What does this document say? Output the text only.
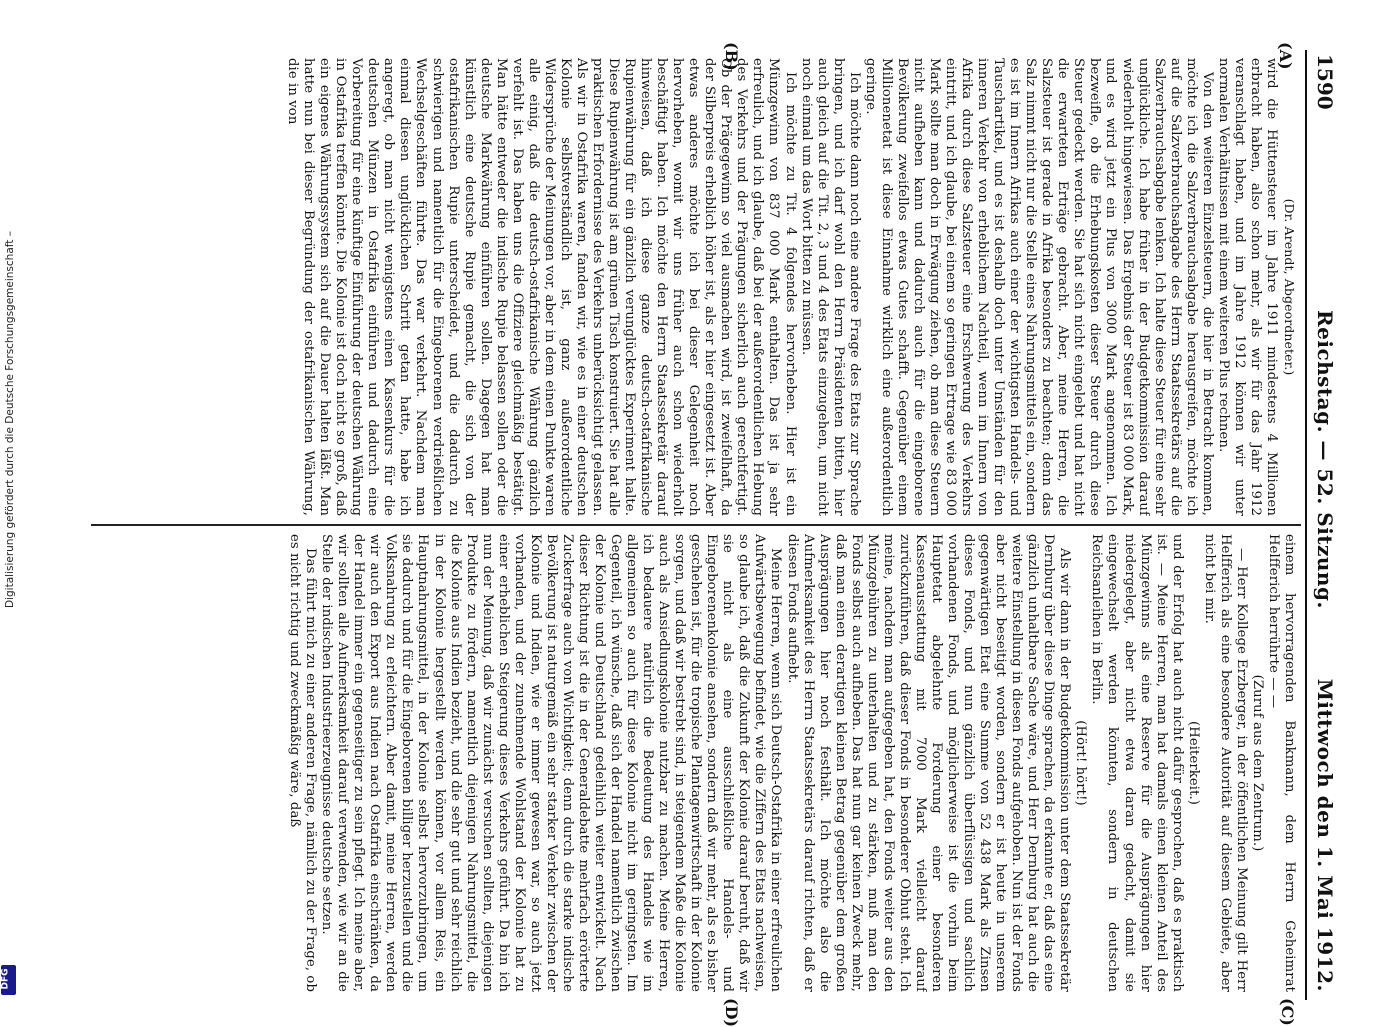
1590
Reichstag. — 52. Sitzung.
Mittwoch den 1. Mai 1912.
(A)
(B)
(C)
(D)
(Dr. Arendt, Abgeordneter.)

wird die Hüttensteuer im Jahre 1911 mindestens 4 Millionen erbracht haben, also schon mehr, als wir für das Jahr 1912 veranschlagt haben, und im Jahre 1912 können wir unter normalen Verhältnissen mit einem weiteren Plus rechnen.

Von den weiteren Einzelsteuern, die hier in Betracht kommen, möchte ich die Salzverbrauchsabgabe herausgreifen, möchte ich auf die Salzverbrauchsabgabe des Herrn Staatssekretärs auf die Salzverbrauchsabgabe lenken. Ich halte diese Steuer für eine sehr unglückliche. Ich habe früher in der Budgetkommission darauf wiederholt hingewiesen. Das Ergebnis der Steuer ist 83 000 Mark, und es wird jetzt ein Plus von 3000 Mark angenommen. Ich bezweifle, ob die Erhebungskosten dieser Steuer durch diese Steuer gedeckt werden. Sie hat sich nicht eingelebt und hat nicht die erwarteten Erträge gebracht. Aber, meine Herren, die Salzsteuer ist gerade in Afrika besonders zu beachten; denn das Salz nimmt nicht nur die Stelle eines Nahrungsmittels ein, sondern es ist im Innern Afrikas auch einer der wichtigsten Handels- und Tauschartikel, und es ist deshalb doch unter Umständen für den inneren Verkehr von erheblichem Nachteil, wenn im Innern von Afrika durch diese Salzsteuer eine Erschwerung des Verkehrs eintritt, und ich glaube, bei einem so geringen Ertrage wie 83 000 Mark sollte man doch in Erwägung ziehen, ob man diese Steuern nicht aufheben kann und dadurch auch für die eingeborene Bevölkerung zweifellos etwas Gutes schafft. Gegenüber einem Millionenetat ist diese Einnahme wirklich eine außerordentlich geringe.

Ich möchte dann noch eine andere Frage des Etats zur Sprache bringen, und ich darf wohl den Herrn Präsidenten bitten, hier auch gleich auf die Tit. 2, 3 und 4 des Etats einzugehen, um nicht noch einmal um das Wort bitten zu müssen.

Ich möchte zu Tit. 4 folgendes hervorheben. Hier ist ein Münzgewinn von 837 000 Mark enthalten. Das ist ja sehr erfreulich, und ich glaube, daß bei der außerordentlichen Hebung des Verkehrs und der Prägungen sicherlich auch gerechtfertigt. Ob der Prägegewinn so viel ausmachen wird, ist zweifelhaft, da der Silberpreis erheblich höher ist, als er hier eingesetzt ist. Aber etwas anderes möchte ich bei dieser Gelegenheit noch hervorheben, womit wir uns früher auch schon wiederholt beschäftigt haben. Ich möchte den Herrn Staatssekretär darauf hinweisen, daß ich diese ganze deutsch-ostafrikanische Rupienwährung für ein gänzlich verunglücktes Experiment halte. Diese Rupienwährung ist am grünen Tisch konstruiert. Sie hat alle praktischen Erfordernisse des Verkehrs unberücksichtigt gelassen. Als wir in Ostafrika waren, fanden wir, wie es in einer deutschen Kolonie selbstverständlich ist, ganz außerordentliche Widersprüche der Meinungen vor, aber in dem einen Punkte waren alle einig, daß die deutsch-ostafrikanische Währung gänzlich verfehlt ist. Das haben uns die Offiziere gleichmäßig bestätigt. Man hätte entweder die indische Rupie belassen sollen oder die deutsche Markwährung einführen sollen. Dagegen hat man künstlich eine deutsche Rupie gemacht, die sich von der ostafrikanischen Rupie unterscheidet, und die dadurch zu schwierigen und namentlich für die Eingeborenen verdrießlichen Wechselgeschäften führte. Das war verkehrt. Nachdem man einmal diesen unglücklichen Schritt getan hatte, habe ich angeregt, ob man nicht wenigstens einen Kassenkurs für die deutschen Münzen in Ostafrika einführen und dadurch eine Vorbereitung für eine künftige Einführung der deutschen Währung in Ostafrika treffen könnte. Die Kolonie ist doch nicht so groß, daß ein eigenes Währungssystem sich auf die Dauer halten läßt. Man hatte nun bei dieser Begründung der ostafrikanischen Währung, die in von

einem hervorragenden Bankmann, dem Herrn Geheimrat Helfferich herrührte — —

(Zuruf aus dem Zentrum.)

— Herr Kollege Erzberger, in der öffentlichen Meinung gilt Herr Helfferich als eine besondere Autorität auf diesem Gebiete, aber nicht bei mir.

(Heiterkeit.)

und der Erfolg hat auch nicht dafür gesprochen, daß es praktisch ist. — Meine Herren, man hat damals einen kleinen Anteil des Münzgewinns als eine Reserve für die Ausprägungen hier niedergelegt, aber nicht etwa daran gedacht, damit sie eingewechselt werden könnten, sondern in deutschen Reichsanleihen in Berlin.

(Hört! hört!)

Als wir dann in der Budgetkommission unter dem Staatssekretär Dernburg über diese Dinge sprachen, da erkannte er, daß das eine gänzlich unhaltbare Sache wäre, und Herr Dernburg hat auch die weitere Einstellung in diesen Fonds aufgehoben. Nun ist der Fonds aber nicht beseitigt worden, sondern er ist heute in unserem gegenwärtigen Etat eine Summe von 52 438 Mark als Zinsen dieses Fonds, und nun gänzlich überflüssigen und sachlich vorhandenen Fonds, und möglicherweise ist die vorhin beim Hauptetat abgelehnte Forderung einer besonderen Kassenausstattung mit 7000 Mark vielleicht darauf zurückzuführen, daß dieser Fonds in besonderer Obhut steht. Ich meine, nachdem man aufgegeben hat, den Fonds weiter aus den Münzgebühren zu unterhalten und zu stärken, muß man den Fonds selbst auch aufheben. Das hat nun gar keinen Zweck mehr, daß man einen derartigen kleinen Betrag gegenüber dem großen Ausprägungen hier noch festhält. Ich möchte also die Aufmerksamkeit des Herrn Staatssekretärs darauf richten, daß er diesen Fonds aufhebt.

Meine Herren, wenn sich Deutsch-Ostafrika in einer erfreulichen Aufwärtsbewegung befindet, wie die Ziffern des Etats nachweisen, so glaube ich, daß die Zukunft der Kolonie darauf beruht, daß wir sie nicht als eine ausschließliche Handels- und Eingeborenenkolonie ansehen, sondern daß wir mehr, als es bisher geschehen ist, für die tropische Plantagenwirtschaft in der Kolonie sorgen, und daß wir bestrebt sind, in steigendem Maße die Kolonie auch als Ansiedlungskolonie nutzbar zu machen. Meine Herren, ich bedauere natürlich die Bedeutung des Handels wie im allgemeinen so auch für diese Kolonie nicht im geringsten. Im Gegenteil, ich wünsche, daß sich der Handel namentlich zwischen der Kolonie und Deutschland gedeihlich weiter entwickelt. Nach dieser Richtung ist die in der Generaldebatte mehrfach erörterte Zuckerfrage auch von Wichtigkeit; denn durch die starke indische Bevölkerung ist naturgemäß ein sehr starker Verkehr zwischen der Kolonie und Indien, wie er immer gewesen war, so auch jetzt vorhanden, und der zunehmende Wohlstand der Kolonie hat zu einer erheblichen Steigerung dieses Verkehrs geführt. Da bin ich nun der Meinung, daß wir zunächst versuchen sollten, diejenigen Produkte zu fördern, namentlich diejenigen Nahrungsmittel, die die Kolonie aus Indien bezieht, und die sehr gut und sehr reichlich in der Kolonie hergestellt werden können, vor allem Reis, ein Hauptnahrungsmittel, in der Kolonie selbst hervorzubringen, um sie dadurch und für die Eingeborenen billiger herzustellen und die Volksnahrung zu erleichtern. Aber damit, meine Herren, werden wir auch den Export aus Indien nach Ostafrika einschränken, da der Handel immer ein gegenseitiger zu sein pflegt. Ich meine aber, wir sollten alle Aufmerksamkeit darauf verwenden, wie wir an die Stelle der indischen Industrieerzeugnisse deutsche setzen.

Das führt mich zu einer anderen Frage, nämlich zu der Frage, ob es nicht richtig und zweckmäßig wäre, daß

Digitalisierung gefördert durch die Deutsche Forschungsgemeinschaft –
DFG
